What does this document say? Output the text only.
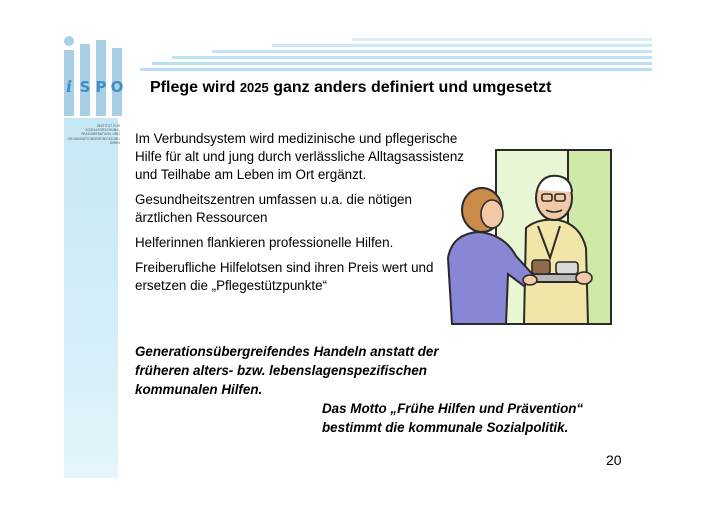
i S P O
INSTITUT FÜR SOZIALFORSCHUNG,
PRAXISBERATUNG UND
ORGANISATIONSENTWICKLUNG
GMBH
Pflege wird 2025 ganz anders definiert und umgesetzt

Im Verbundsystem wird medizinische und pflegerische Hilfe für alt und jung durch verlässliche Alltagsassistenz und Teilhabe am Leben im Ort ergänzt.

Gesundheitszentren umfassen u.a. die nötigen ärztlichen Ressourcen

Helferinnen flankieren professionelle Hilfen.

Freiberufliche Hilfelotsen sind ihren Preis wert und ersetzen die „Pflegestützpunkte“

Generationsübergreifendes Handeln anstatt der
früheren alters- bzw. lebenslagenspezifischen
kommunalen Hilfen.
Das Motto „Frühe Hilfen und Prävention“
bestimmt die kommunale Sozialpolitik.
20
